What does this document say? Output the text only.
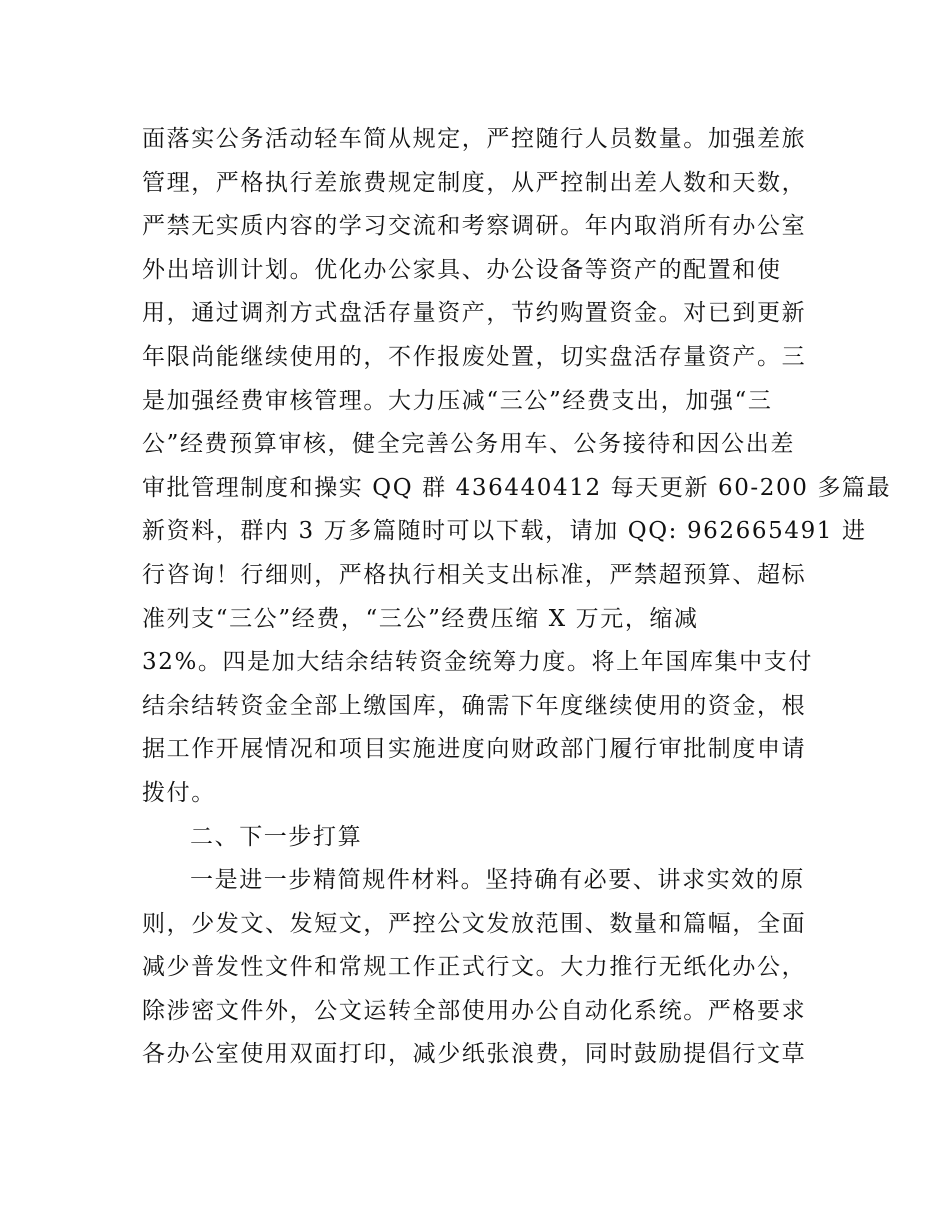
面落实公务活动轻车简从规定，严控随行人员数量。加强差旅
管理，严格执行差旅费规定制度，从严控制出差人数和天数，
严禁无实质内容的学习交流和考察调研。年内取消所有办公室
外出培训计划。优化办公家具、办公设备等资产的配置和使
用，通过调剂方式盘活存量资产，节约购置资金。对已到更新
年限尚能继续使用的，不作报废处置，切实盘活存量资产。三
是加强经费审核管理。大力压减“三公”经费支出，加强“三
公”经费预算审核，健全完善公务用车、公务接待和因公出差
审批管理制度和操实 QQ 群 436440412 每天更新 60-200 多篇最
新资料，群内 3 万多篇随时可以下载，请加 QQ: 962665491 进
行咨询！行细则，严格执行相关支出标准，严禁超预算、超标
准列支“三公”经费，“三公”经费压缩 X 万元，缩减
32%。四是加大结余结转资金统筹力度。将上年国库集中支付
结余结转资金全部上缴国库，确需下年度继续使用的资金，根
据工作开展情况和项目实施进度向财政部门履行审批制度申请
拨付。
二、下一步打算
一是进一步精简规件材料。坚持确有必要、讲求实效的原
则，少发文、发短文，严控公文发放范围、数量和篇幅，全面
减少普发性文件和常规工作正式行文。大力推行无纸化办公，
除涉密文件外，公文运转全部使用办公自动化系统。严格要求
各办公室使用双面打印，减少纸张浪费，同时鼓励提倡行文草
